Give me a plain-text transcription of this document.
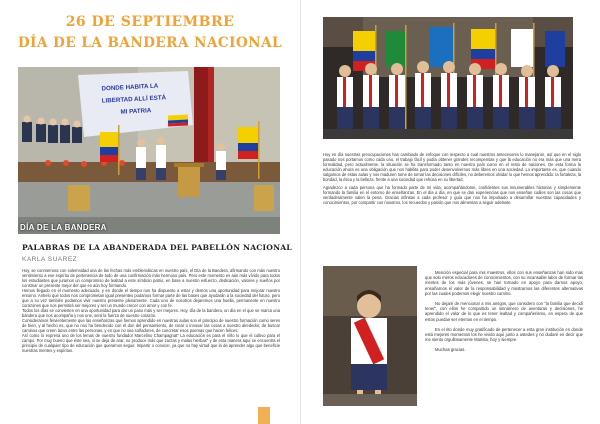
26 DE SEPTIEMBRE
DÍA DE LA BANDERA NACIONAL
DONDE HABITA LA
LIBERTAD ALLÍ ESTÁ
MI PATRIA
DÍA DE LA BANDERA
PALABRAS DE LA ABANDERADA DEL PABELLÓN NACIONAL
KARLA SUAREZ

Hoy, se conmemora con solemnidad una de las fechas más emblemáticas en nuestro país, el Día de la Bandera, afirmando con más nuestro sentimiento a ese espíritu de pertenencia de todo de una confirmación más hermoso país. Pero este momento es aún más vívido para todos los estudiantes que juramos un compromiso de lealtad a este símbolo patrio, en base a nuestro esfuerzo, dedicación, valores y sueños por construir un presente mejor del que es aún hoy formando.

Hemos llegado en el momento adecuado, y en donde el tiempo nos ha dispuesto a estar y demos una oportunidad para mejorar nuestro entorno. Anhelo que todos nos comprometan igual presentes podamos formar parte de las bases que ayudarán a la sociedad del futuro, pero que a su vez también podamos vivir nuestro presente plenamente. Cada uno de nosotros dejaremos una huella, permanente en nuestro corazones que nos permitirá ser mejores y ser un mundo crecer con amor y con fe.

Todos los días se convierten en una oportunidad para dar un paso más y ser mejores. Hoy, día de la bandera, un día en el que se marca una bandera que nos acompaña y nos une, será la fuerza de nuestro corazón.

Consideramos fervientemente que las enseñanzas que hemos aprendido en nuestras aulas son el principio de nuestro formación como seres de bien, y al hecho es, que no nos ha bendecido con el don del pensamiento, de crear o innovar las cosas a nuestro alrededor, de buscar caminos que creen lazos entre las personas, y en que no sea soñadores, de concretar esos poemas que hacen felices.

Así como lo expresa uno de los lemas de nuestro fundador Marcelino Champagnat" La educación es para el niño lo que el cultivo para el campo. Por muy bueno que éste sea, si se deja de arar, no produce más que zarzas y malas hierbas" y de esta manera aquí se encuentra el principio de cualquier tipo de educación que queramos seguir. Impartir o conocer, ya que no hay virtud que la de aprender algo que beneficie nuestras mentes y espíritus.

Hoy en día nuestras preocupaciones han cambiado de enfoque con respecto a cual nuestros antecesores lo manejaron, así que en el siglo pasado nos portamos como cada uno, el trabajo fácil y podía obtener grandes recompensas y que la educación no era más que una mera formalidad, pero actualmente, la situación se ha transformado tanto en nuestro país como en el resto de naciones. De esta forma la educación ahora es una obligación que nos habilita para poder desenvolvernos más libres en una sociedad. Lo importante es, que cuando salgamos de estas aulas y nos maduren tome de tomar las decisiones difíciles, no deberemos olvidar lo que hemos aprendido: la fortaleza, la bondad, la ética y la belleza, frente a una sociedad que rehúsa en su libertad.

Agradezco a cada persona que ha formado parte de mi vida, acompañándome, confidentes sus innumerables historias y simplemente formando la familia en el entorno de enseñanzas. En el día a día, en que se dan experiencias que nos enseñan cuáles son las cosas que verdaderamente valen la pena. Gracias infinitas a cada profesor y guía que nos ha impulsado a desarrollar nuestras capacidades y conocimientos, por compartir con nosotros, los recuerdos y pasión que nos alimentan a seguir adelante.

Mención especial para mis maestros, ellos con sus enseñanzas han sido más que solo meros educadores de conocimientos, con su incansable labor de formar las mentes de los más jóvenes, se han tornado en apoyo para darnos apoyo, ensañarnos el valor de la responsabilidad y mostrarnos las diferentes alternativas por las cuales podemos elegir nuestro camino.

No dejaré de mencionar a mis amigos, que considero con "la familia que decidí tener", con ellos he compartido un sinnúmero de aventuras y decisiones, he aprendido el valor de lo que es tener lealtad y compañerismo, en espera de que estos puedan ser eternos en el tiempo.

En el rito donde muy gratificado de pertenecer a esta gran institución en donde está mejores momentos los he vivido aquí junto a ustedes y no dudaré en decir que me siento orgullosamente Marista, hoy y siempre.

Muchas gracias.
